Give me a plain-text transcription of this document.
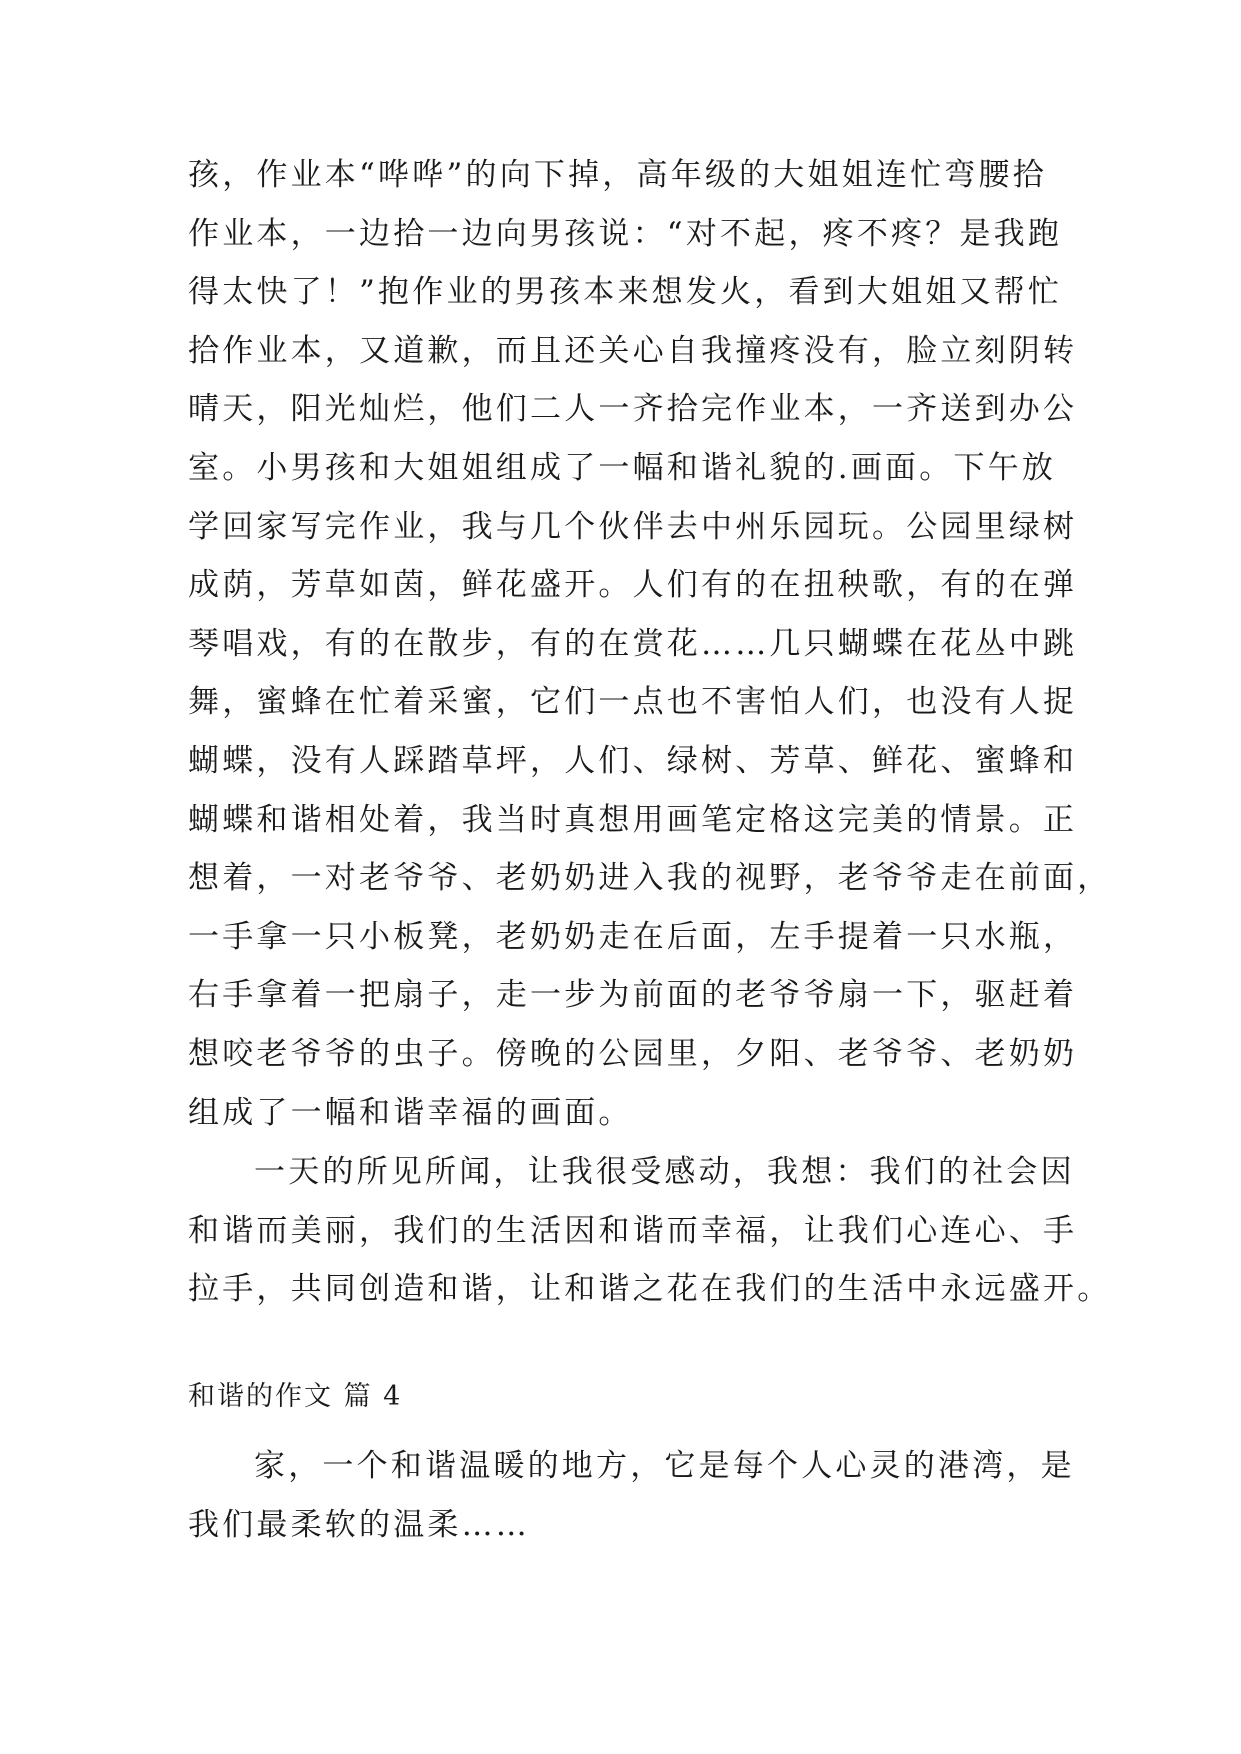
孩，作业本“哗哗”的向下掉，高年级的大姐姐连忙弯腰拾
作业本，一边拾一边向男孩说：“对不起，疼不疼？是我跑
得太快了！”抱作业的男孩本来想发火，看到大姐姐又帮忙
拾作业本，又道歉，而且还关心自我撞疼没有，脸立刻阴转
晴天，阳光灿烂，他们二人一齐拾完作业本，一齐送到办公
室。小男孩和大姐姐组成了一幅和谐礼貌的.画面。下午放
学回家写完作业，我与几个伙伴去中州乐园玩。公园里绿树
成荫，芳草如茵，鲜花盛开。人们有的在扭秧歌，有的在弹
琴唱戏，有的在散步，有的在赏花……几只蝴蝶在花丛中跳
舞，蜜蜂在忙着采蜜，它们一点也不害怕人们，也没有人捉
蝴蝶，没有人踩踏草坪，人们、绿树、芳草、鲜花、蜜蜂和
蝴蝶和谐相处着，我当时真想用画笔定格这完美的情景。正
想着，一对老爷爷、老奶奶进入我的视野，老爷爷走在前面，
一手拿一只小板凳，老奶奶走在后面，左手提着一只水瓶，
右手拿着一把扇子，走一步为前面的老爷爷扇一下，驱赶着
想咬老爷爷的虫子。傍晚的公园里，夕阳、老爷爷、老奶奶
组成了一幅和谐幸福的画面。
一天的所见所闻，让我很受感动，我想：我们的社会因
和谐而美丽，我们的生活因和谐而幸福，让我们心连心、手
拉手，共同创造和谐，让和谐之花在我们的生活中永远盛开。
和谐的作文 篇 4
家，一个和谐温暖的地方，它是每个人心灵的港湾，是
我们最柔软的温柔……
